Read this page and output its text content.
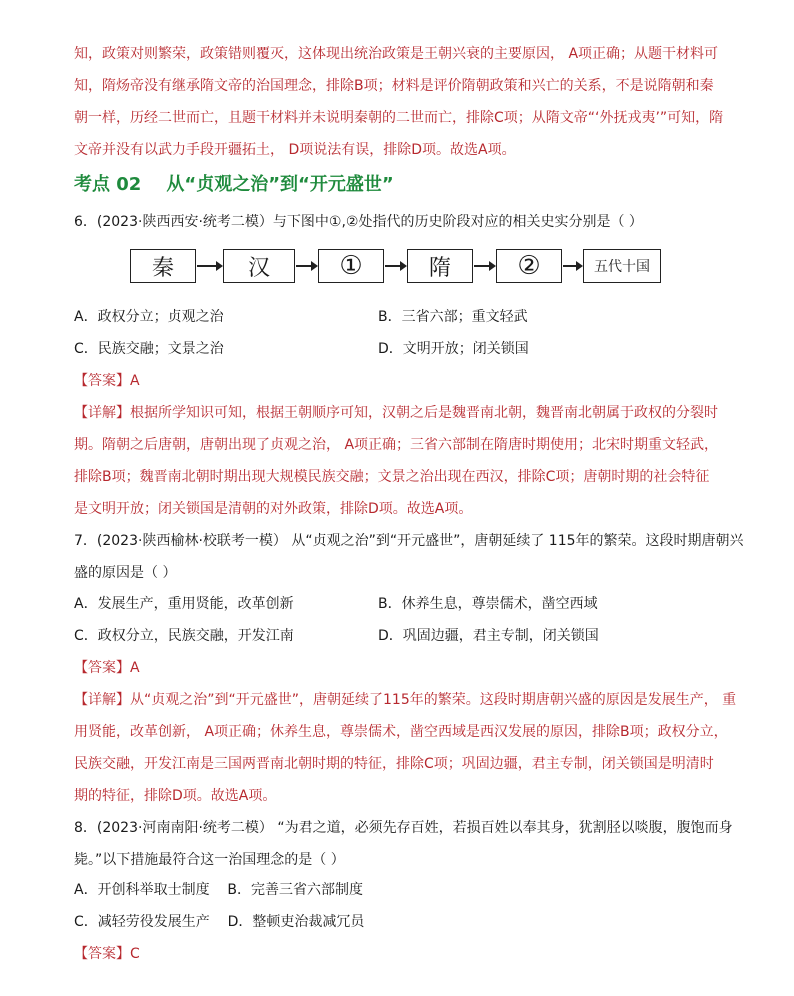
知，政策对则繁荣，政策错则覆灭，这体现出统治政策是王朝兴衰的主要原因， A项正确；从题干材料可
知，隋炀帝没有继承隋文帝的治国理念，排除B项；材料是评价隋朝政策和兴亡的关系，不是说隋朝和秦
朝一样，历经二世而亡，且题干材料并未说明秦朝的二世而亡，排除C项；从隋文帝“‘外抚戎夷’”可知，隋
文帝并没有以武力手段开疆拓土， D项说法有误，排除D项。故选A项。
考点 02    从“贞观之治”到“开元盛世”
6．(2023·陕西西安·统考二模）与下图中①,②处指代的历史阶段对应的相关史实分别是（ ）
秦	汉	①	隋	②	五代十国
A．政权分立；贞观之治	B．三省六部；重文轻武
C．民族交融；文景之治	D．文明开放；闭关锁国
【答案】A
【详解】根据所学知识可知，根据王朝顺序可知，汉朝之后是魏晋南北朝，魏晋南北朝属于政权的分裂时
期。隋朝之后唐朝，唐朝出现了贞观之治， A项正确；三省六部制在隋唐时期使用；北宋时期重文轻武，
排除B项；魏晋南北朝时期出现大规模民族交融；文景之治出现在西汉，排除C项；唐朝时期的社会特征
是文明开放；闭关锁国是清朝的对外政策，排除D项。故选A项。
7．(2023·陕西榆林·校联考一模） 从“贞观之治”到“开元盛世”，唐朝延续了 115年的繁荣。这段时期唐朝兴
盛的原因是（ ）
A．发展生产，重用贤能，改革创新	B．休养生息，尊崇儒术，凿空西域
C．政权分立，民族交融，开发江南	D．巩固边疆，君主专制，闭关锁国
【答案】A
【详解】从“贞观之治”到“开元盛世”，唐朝延续了115年的繁荣。这段时期唐朝兴盛的原因是发展生产， 重
用贤能，改革创新， A项正确；休养生息，尊崇儒术，凿空西域是西汉发展的原因，排除B项；政权分立，
民族交融，开发江南是三国两晋南北朝时期的特征，排除C项；巩固边疆，君主专制，闭关锁国是明清时
期的特征，排除D项。故选A项。
8．(2023·河南南阳·统考二模） “为君之道，必须先存百姓，若损百姓以奉其身，犹割胫以啖腹，腹饱而身
毙。”以下措施最符合这一治国理念的是（ ）
A．开创科举取士制度    B．完善三省六部制度
C．减轻劳役发展生产    D．整顿吏治裁减冗员
【答案】C
